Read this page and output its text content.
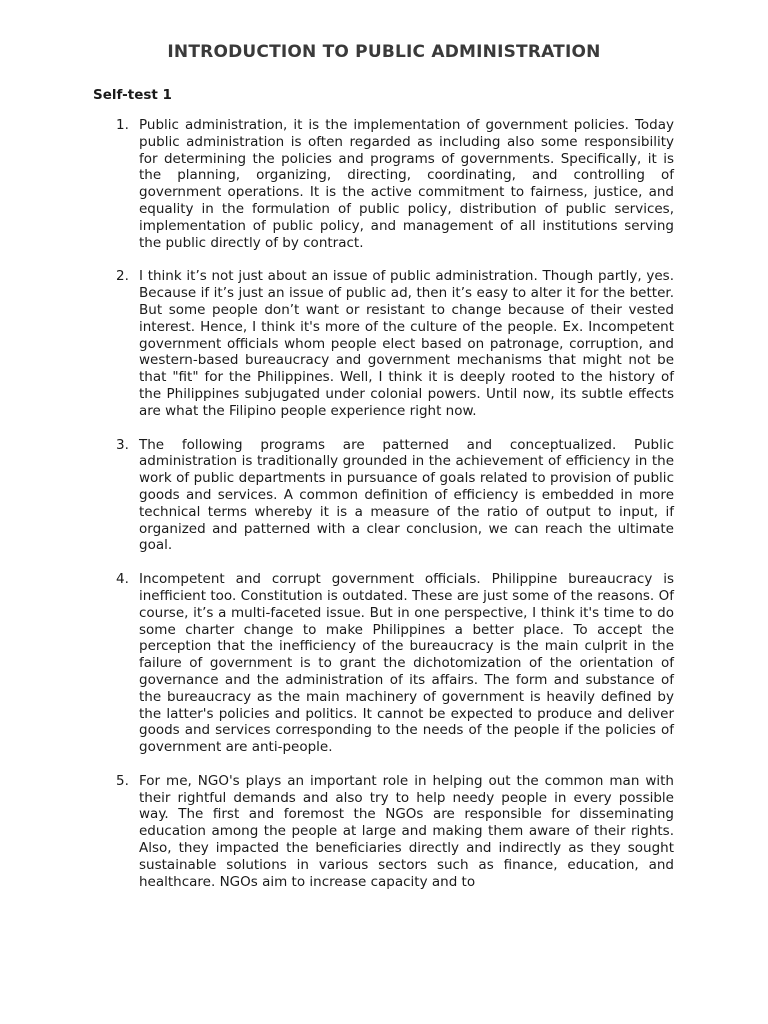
INTRODUCTION TO PUBLIC ADMINISTRATION
Self-test 1
1. Public administration, it is the implementation of government policies. Today public administration is often regarded as including also some responsibility for determining the policies and programs of governments. Specifically, it is the planning, organizing, directing, coordinating, and controlling of government operations. It is the active commitment to fairness, justice, and equality in the formulation of public policy, distribution of public services, implementation of public policy, and management of all institutions serving the public directly of by contract.

2. I think it’s not just about an issue of public administration. Though partly, yes. Because if it’s just an issue of public ad, then it’s easy to alter it for the better. But some people don’t want or resistant to change because of their vested interest. Hence, I think it's more of the culture of the people. Ex. Incompetent government officials whom people elect based on patronage, corruption, and western-based bureaucracy and government mechanisms that might not be that "fit" for the Philippines. Well, I think it is deeply rooted to the history of the Philippines subjugated under colonial powers. Until now, its subtle effects are what the Filipino people experience right now.

3. The following programs are patterned and conceptualized. Public administration is traditionally grounded in the achievement of efficiency in the work of public departments in pursuance of goals related to provision of public goods and services. A common definition of efficiency is embedded in more technical terms whereby it is a measure of the ratio of output to input, if organized and patterned with a clear conclusion, we can reach the ultimate goal.

4. Incompetent and corrupt government officials. Philippine bureaucracy is inefficient too. Constitution is outdated. These are just some of the reasons. Of course, it’s a multi-faceted issue. But in one perspective, I think it's time to do some charter change to make Philippines a better place. To accept the perception that the inefficiency of the bureaucracy is the main culprit in the failure of government is to grant the dichotomization of the orientation of governance and the administration of its affairs. The form and substance of the bureaucracy as the main machinery of government is heavily defined by the latter's policies and politics. It cannot be expected to produce and deliver goods and services corresponding to the needs of the people if the policies of government are anti-people.

5. For me, NGO's plays an important role in helping out the common man with their rightful demands and also try to help needy people in every possible way. The first and foremost the NGOs are responsible for disseminating education among the people at large and making them aware of their rights. Also, they impacted the beneficiaries directly and indirectly as they sought sustainable solutions in various sectors such as finance, education, and healthcare. NGOs aim to increase capacity and to
